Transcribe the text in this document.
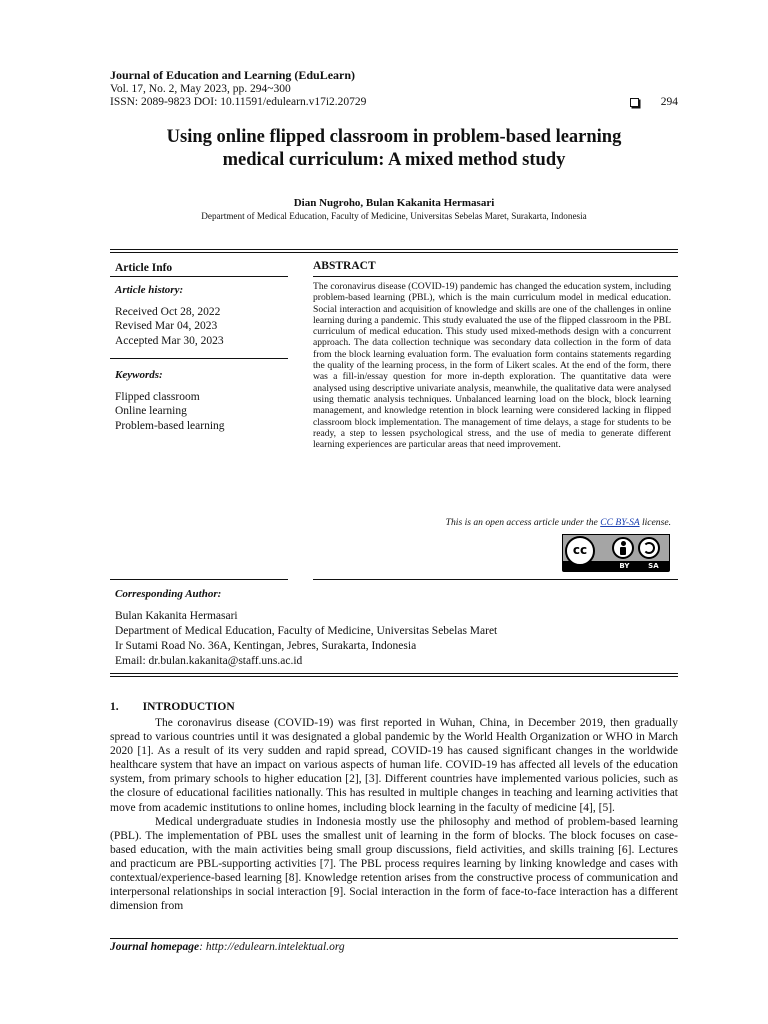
Journal of Education and Learning (EduLearn)
Vol. 17, No. 2, May 2023, pp. 294~300
ISSN: 2089-9823 DOI: 10.11591/edulearn.v17i2.20729	294
Using online flipped classroom in problem-based learning
medical curriculum: A mixed method study
Dian Nugroho, Bulan Kakanita Hermasari
Department of Medical Education, Faculty of Medicine, Universitas Sebelas Maret, Surakarta, Indonesia
Article Info
Article history:
Received Oct 28, 2022
Revised Mar 04, 2023
Accepted Mar 30, 2023
Keywords:
Flipped classroom
Online learning
Problem-based learning
ABSTRACT
The coronavirus disease (COVID-19) pandemic has changed the education system, including problem-based learning (PBL), which is the main curriculum model in medical education. Social interaction and acquisition of knowledge and skills are one of the challenges in online learning during a pandemic. This study evaluated the use of the flipped classroom in the PBL curriculum of medical education. This study used mixed-methods design with a concurrent approach. The data collection technique was secondary data collection in the form of data from the block learning evaluation form. The evaluation form contains statements regarding the quality of the learning process, in the form of Likert scales. At the end of the form, there was a fill-in/essay question for more in-depth exploration. The quantitative data were analysed using descriptive univariate analysis, meanwhile, the qualitative data were analysed using thematic analysis techniques. Unbalanced learning load on the block, block learning management, and knowledge retention in block learning were considered lacking in flipped classroom block implementation. The management of time delays, a stage for students to be ready, a step to lessen psychological stress, and the use of media to generate different learning experiences are particular areas that need improvement.
This is an open access article under the CC BY-SA license.
cc
BY	SA
Corresponding Author:
Bulan Kakanita Hermasari
Department of Medical Education, Faculty of Medicine, Universitas Sebelas Maret
Ir Sutami Road No. 36A, Kentingan, Jebres, Surakarta, Indonesia
Email: dr.bulan.kakanita@staff.uns.ac.id
1. INTRODUCTION

The coronavirus disease (COVID-19) was first reported in Wuhan, China, in December 2019, then gradually spread to various countries until it was designated a global pandemic by the World Health Organization or WHO in March 2020 [1]. As a result of its very sudden and rapid spread, COVID-19 has caused significant changes in the worldwide healthcare system that have an impact on various aspects of human life. COVID-19 has affected all levels of the education system, from primary schools to higher education [2], [3]. Different countries have implemented various policies, such as the closure of educational facilities nationally. This has resulted in multiple changes in teaching and learning activities that move from academic institutions to online homes, including block learning in the faculty of medicine [4], [5].

Medical undergraduate studies in Indonesia mostly use the philosophy and method of problem-based learning (PBL). The implementation of PBL uses the smallest unit of learning in the form of blocks. The block focuses on case-based education, with the main activities being small group discussions, field activities, and skills training [6]. Lectures and practicum are PBL-supporting activities [7]. The PBL process requires learning by linking knowledge and cases with contextual/experience-based learning [8]. Knowledge retention arises from the constructive process of communication and interpersonal relationships in social interaction [9]. Social interaction in the form of face-to-face interaction has a different dimension from

Journal homepage: http://edulearn.intelektual.org
